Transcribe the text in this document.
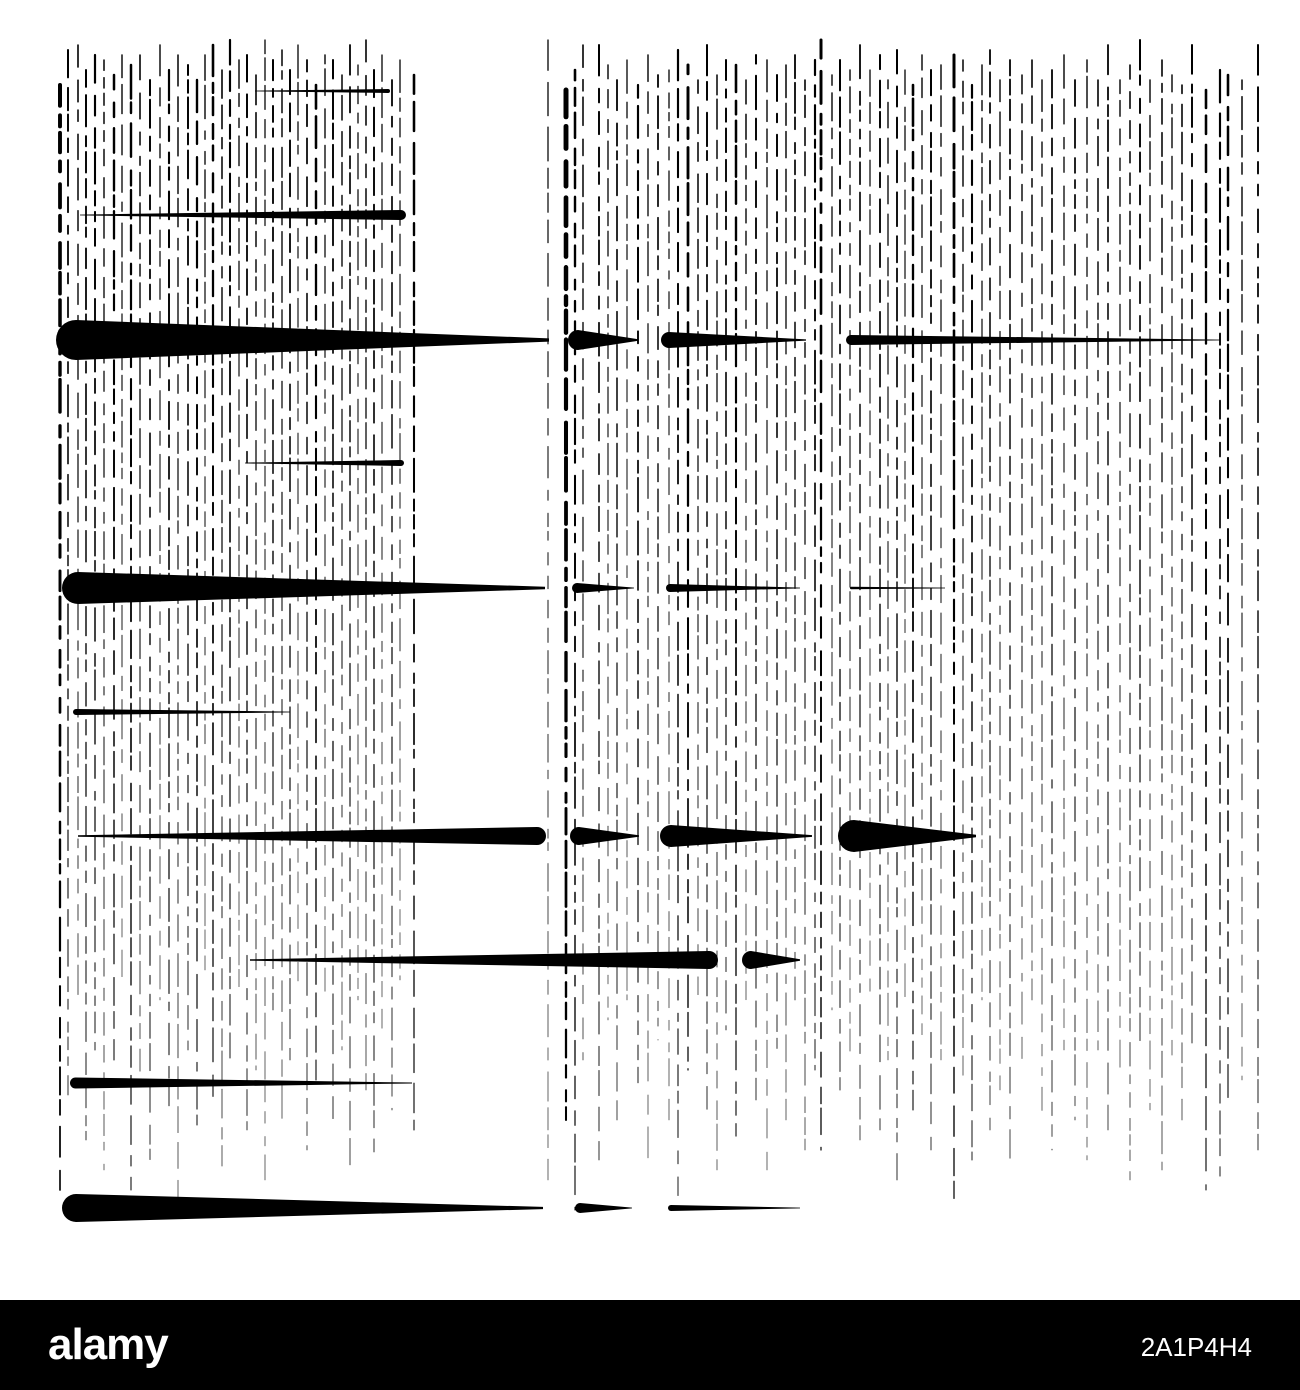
alamy	2A1P4H4
